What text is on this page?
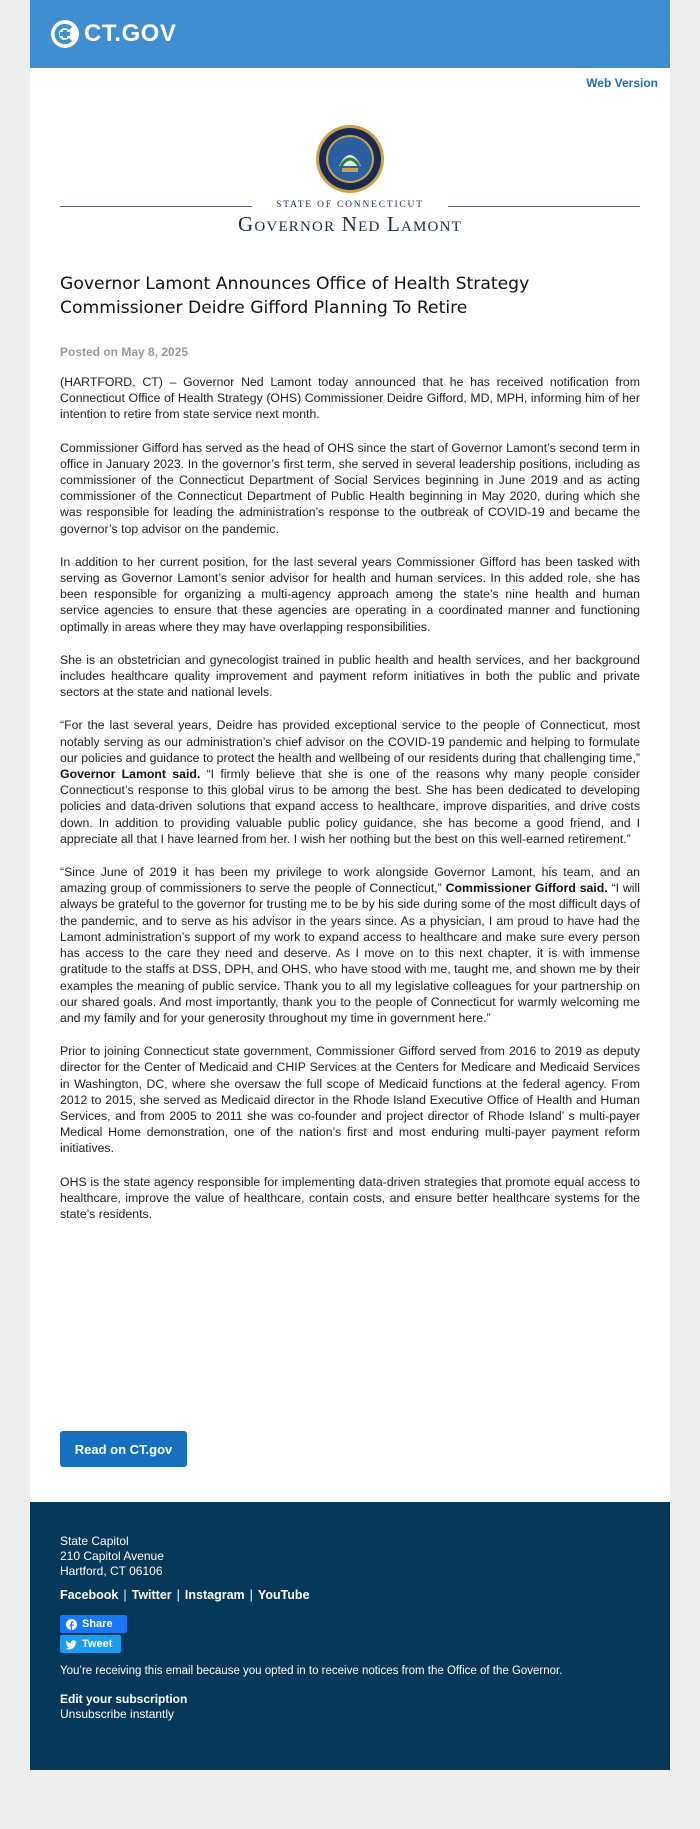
CT.GOV
Web Version
STATE OF CONNECTICUT
Governor Ned Lamont
Governor Lamont Announces Office of Health Strategy Commissioner Deidre Gifford Planning To Retire
Posted on May 8, 2025

(HARTFORD, CT) – Governor Ned Lamont today announced that he has received notification from Connecticut Office of Health Strategy (OHS) Commissioner Deidre Gifford, MD, MPH, informing him of her intention to retire from state service next month.

Commissioner Gifford has served as the head of OHS since the start of Governor Lamont’s second term in office in January 2023. In the governor’s first term, she served in several leadership positions, including as commissioner of the Connecticut Department of Social Services beginning in June 2019 and as acting commissioner of the Connecticut Department of Public Health beginning in May 2020, during which she was responsible for leading the administration’s response to the outbreak of COVID-19 and became the governor’s top advisor on the pandemic.

In addition to her current position, for the last several years Commissioner Gifford has been tasked with serving as Governor Lamont’s senior advisor for health and human services. In this added role, she has been responsible for organizing a multi-agency approach among the state’s nine health and human service agencies to ensure that these agencies are operating in a coordinated manner and functioning optimally in areas where they may have overlapping responsibilities.

She is an obstetrician and gynecologist trained in public health and health services, and her background includes healthcare quality improvement and payment reform initiatives in both the public and private sectors at the state and national levels.

“For the last several years, Deidre has provided exceptional service to the people of Connecticut, most notably serving as our administration’s chief advisor on the COVID-19 pandemic and helping to formulate our policies and guidance to protect the health and wellbeing of our residents during that challenging time,” Governor Lamont said. “I firmly believe that she is one of the reasons why many people consider Connecticut’s response to this global virus to be among the best. She has been dedicated to developing policies and data-driven solutions that expand access to healthcare, improve disparities, and drive costs down. In addition to providing valuable public policy guidance, she has become a good friend, and I appreciate all that I have learned from her. I wish her nothing but the best on this well-earned retirement.”

“Since June of 2019 it has been my privilege to work alongside Governor Lamont, his team, and an amazing group of commissioners to serve the people of Connecticut,” Commissioner Gifford said. “I will always be grateful to the governor for trusting me to be by his side during some of the most difficult days of the pandemic, and to serve as his advisor in the years since. As a physician, I am proud to have had the Lamont administration’s support of my work to expand access to healthcare and make sure every person has access to the care they need and deserve. As I move on to this next chapter, it is with immense gratitude to the staffs at DSS, DPH, and OHS, who have stood with me, taught me, and shown me by their examples the meaning of public service. Thank you to all my legislative colleagues for your partnership on our shared goals. And most importantly, thank you to the people of Connecticut for warmly welcoming me and my family and for your generosity throughout my time in government here.”

Prior to joining Connecticut state government, Commissioner Gifford served from 2016 to 2019 as deputy director for the Center of Medicaid and CHIP Services at the Centers for Medicare and Medicaid Services in Washington, DC, where she oversaw the full scope of Medicaid functions at the federal agency. From 2012 to 2015, she served as Medicaid director in the Rhode Island Executive Office of Health and Human Services, and from 2005 to 2011 she was co-founder and project director of Rhode Island’ s multi-payer Medical Home demonstration, one of the nation’s first and most enduring multi-payer payment reform initiatives.

OHS is the state agency responsible for implementing data-driven strategies that promote equal access to healthcare, improve the value of healthcare, contain costs, and ensure better healthcare systems for the state’s residents.

Read on CT.gov
State Capitol
210 Capitol Avenue
Hartford, CT 06106
Facebook | Twitter | Instagram | YouTube
Share
Tweet
You’re receiving this email because you opted in to receive notices from the Office of the Governor.
Edit your subscription
Unsubscribe instantly
